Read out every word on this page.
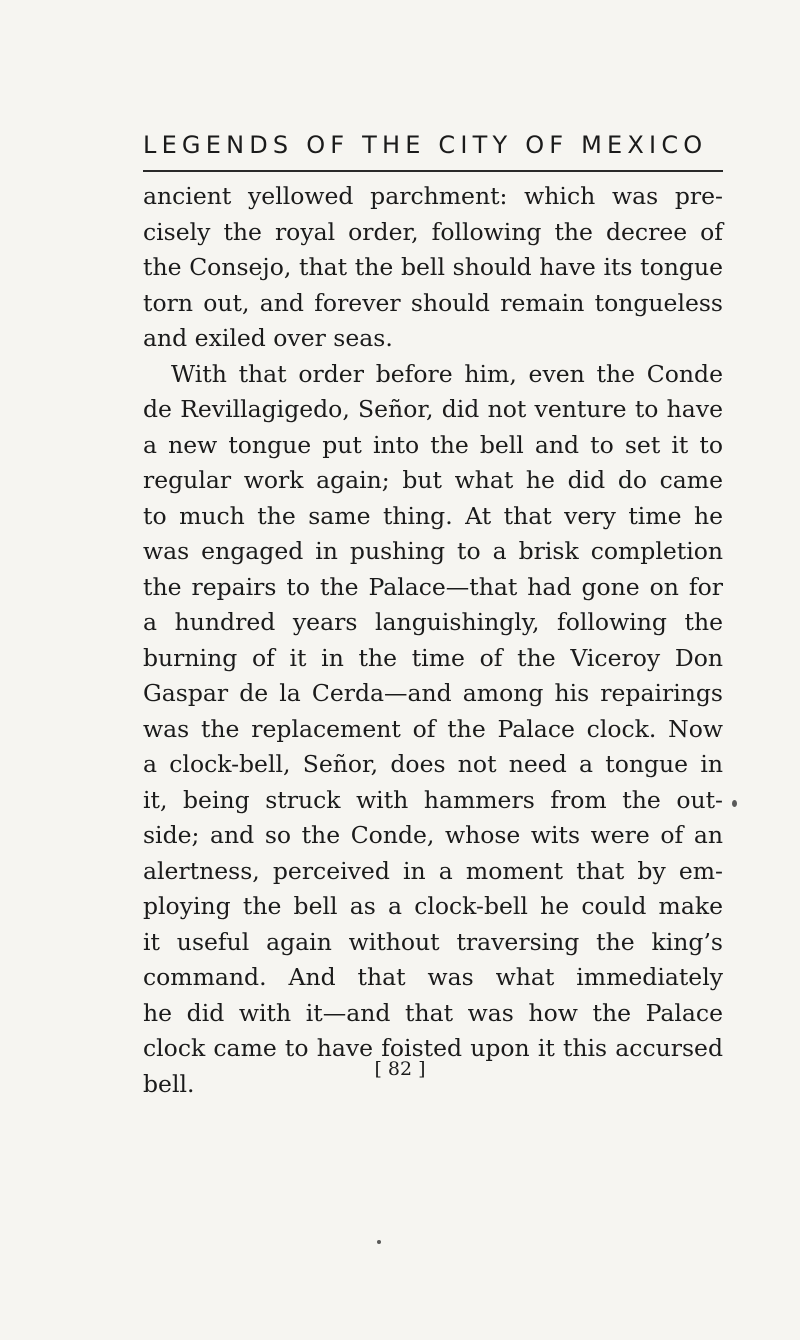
LEGENDS OF THE CITY OF MEXICO
ancient yellowed parchment: which was pre-
cisely the royal order, following the decree of
the Consejo, that the bell should have its tongue
torn out, and forever should remain tongueless
and exiled over seas.
With that order before him, even the Conde
de Revillagigedo, Señor, did not venture to have
a new tongue put into the bell and to set it to
regular work again; but what he did do came
to much the same thing. At that very time he
was engaged in pushing to a brisk completion
the repairs to the Palace—that had gone on for
a hundred years languishingly, following the
burning of it in the time of the Viceroy Don
Gaspar de la Cerda—and among his repairings
was the replacement of the Palace clock. Now
a clock-bell, Señor, does not need a tongue in
it, being struck with hammers from the out-
side; and so the Conde, whose wits were of an
alertness, perceived in a moment that by em-
ploying the bell as a clock-bell he could make
it useful again without traversing the king’s
command. And that was what immediately
he did with it—and that was how the Palace
clock came to have foisted upon it this accursed
bell.
[ 82 ]
